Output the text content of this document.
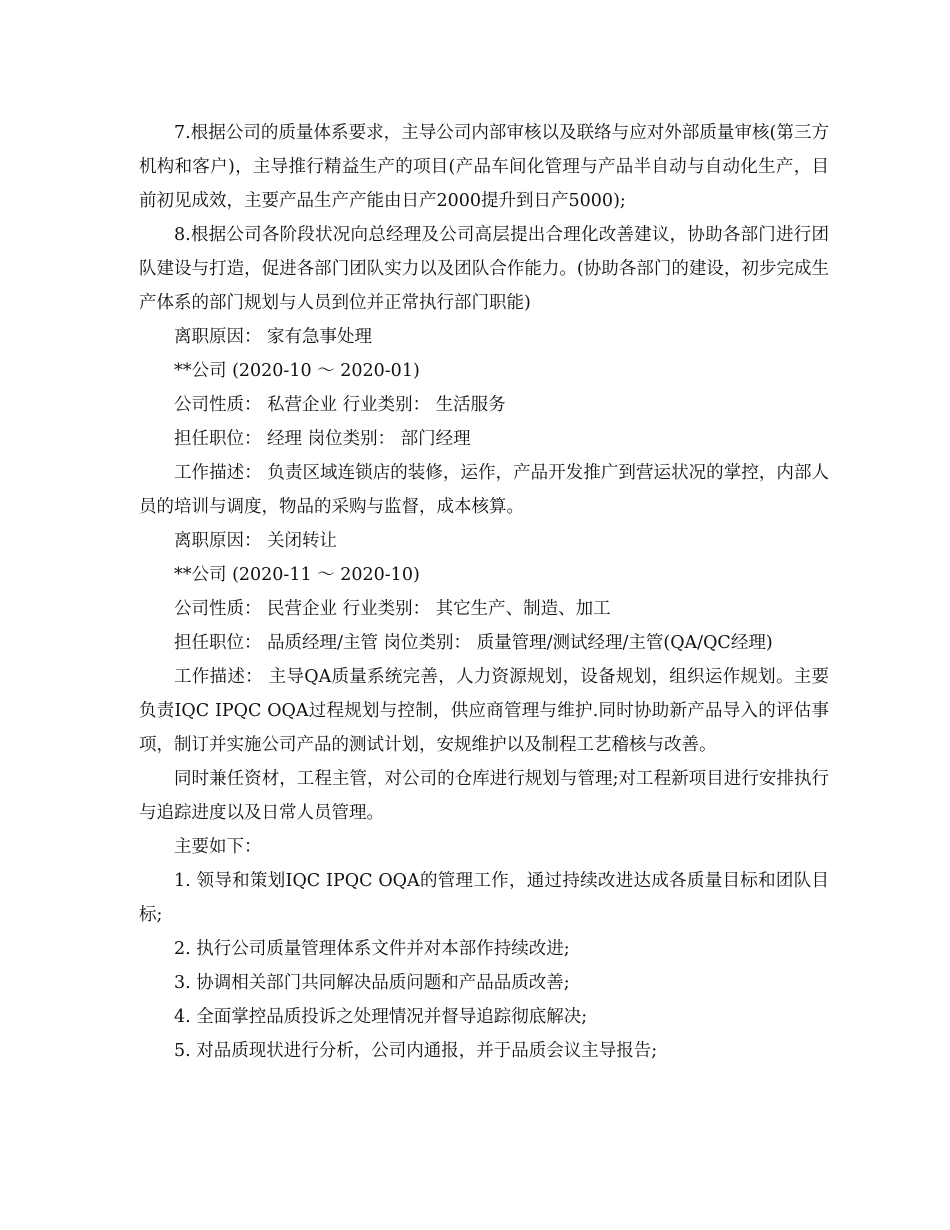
7.根据公司的质量体系要求，主导公司内部审核以及联络与应对外部质量审核(第三方机构和客户)，主导推行精益生产的项目(产品车间化管理与产品半自动与自动化生产，目前初见成效，主要产品生产产能由日产2000提升到日产5000);

8.根据公司各阶段状况向总经理及公司高层提出合理化改善建议，协助各部门进行团队建设与打造，促进各部门团队实力以及团队合作能力。(协助各部门的建设，初步完成生产体系的部门规划与人员到位并正常执行部门职能)

离职原因： 家有急事处理

**公司 (2020-10 ～ 2020-01)

公司性质： 私营企业 行业类别： 生活服务

担任职位： 经理 岗位类别： 部门经理

工作描述： 负责区域连锁店的装修，运作，产品开发推广到营运状况的掌控，内部人员的培训与调度，物品的采购与监督，成本核算。

离职原因： 关闭转让

**公司 (2020-11 ～ 2020-10)

公司性质： 民营企业 行业类别： 其它生产、制造、加工

担任职位： 品质经理/主管 岗位类别： 质量管理/测试经理/主管(QA/QC经理)

工作描述： 主导QA质量系统完善，人力资源规划，设备规划，组织运作规划。主要负责IQC IPQC OQA过程规划与控制，供应商管理与维护.同时协助新产品导入的评估事项，制订并实施公司产品的测试计划，安规维护以及制程工艺稽核与改善。

同时兼任资材，工程主管，对公司的仓库进行规划与管理;对工程新项目进行安排执行与追踪进度以及日常人员管理。

主要如下：

1. 领导和策划IQC IPQC OQA的管理工作，通过持续改进达成各质量目标和团队目标;

2. 执行公司质量管理体系文件并对本部作持续改进;

3. 协调相关部门共同解决品质问题和产品品质改善;

4. 全面掌控品质投诉之处理情况并督导追踪彻底解决;

5. 对品质现状进行分析，公司内通报，并于品质会议主导报告;
